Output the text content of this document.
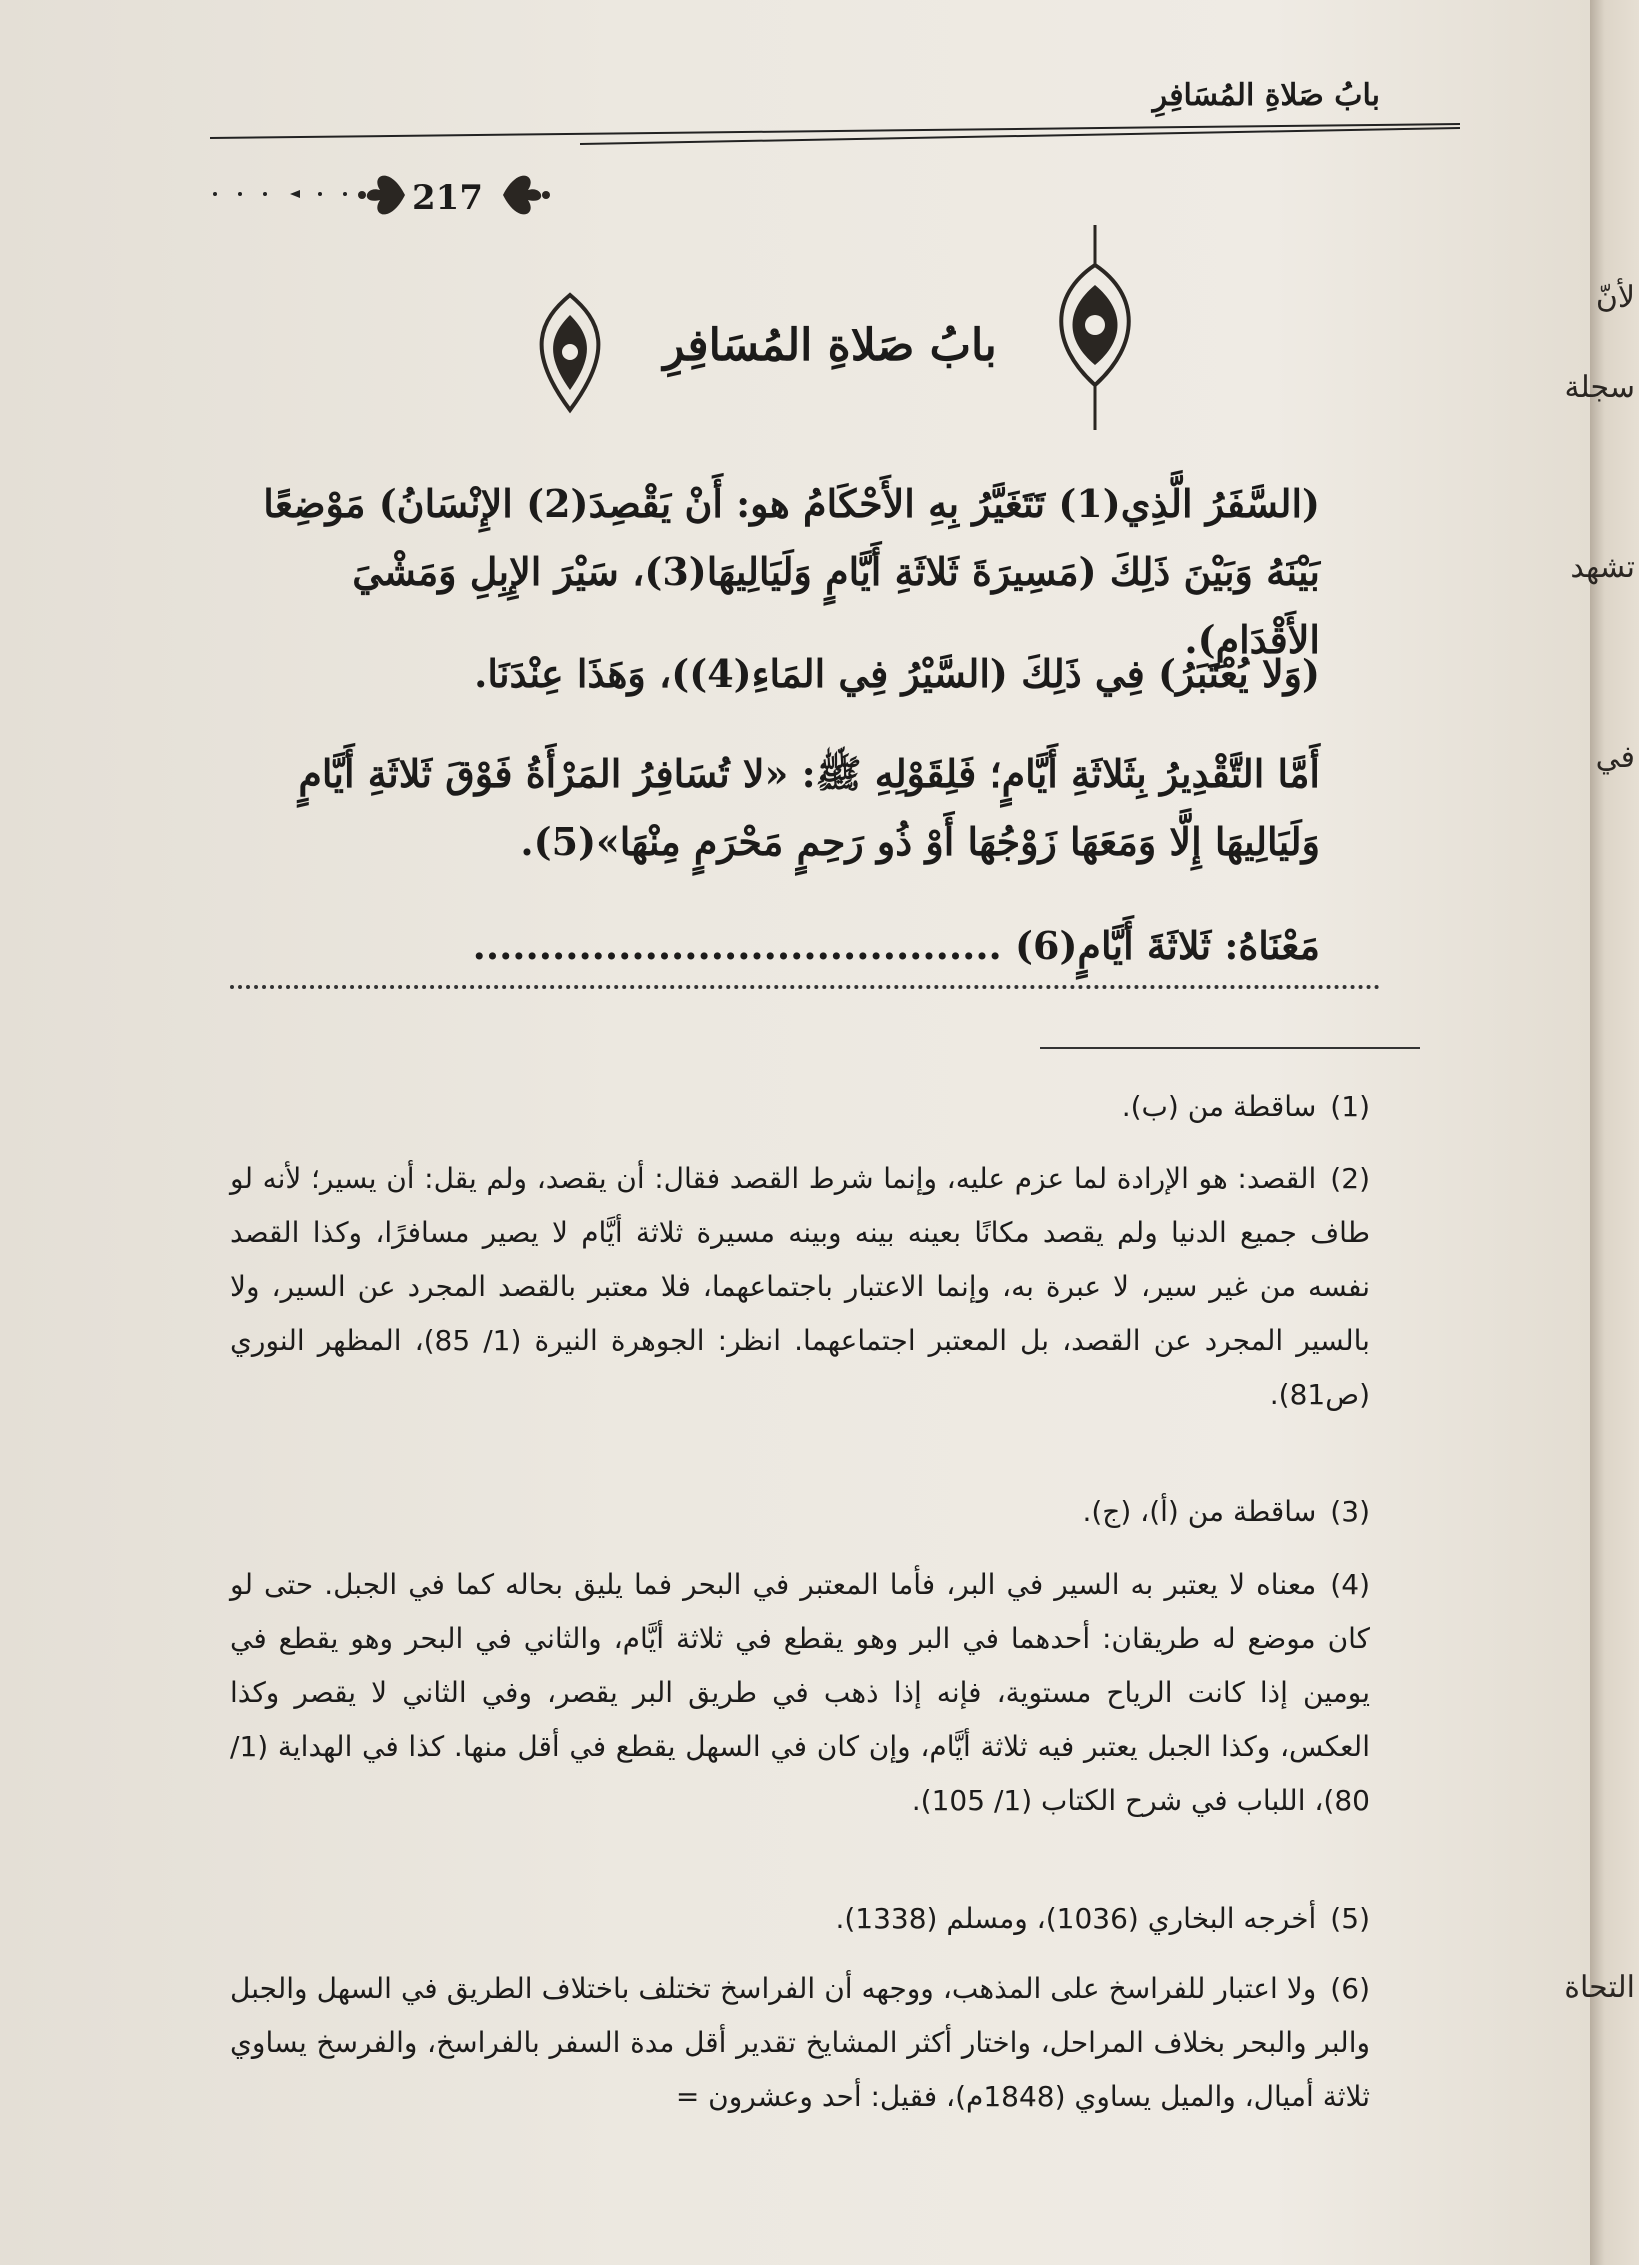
بابُ صَلاةِ المُسَافِرِ
217
بابُ صَلاةِ المُسَافِرِ
(السَّفَرُ الَّذِي(1) تَتَغَيَّرُ بِهِ الأَحْكَامُ هو: أَنْ يَقْصِدَ(2) الإِنْسَانُ) مَوْضِعًا بَيْنَهُ وَبَيْنَ ذَلِكَ (مَسِيرَةَ ثَلاثَةِ أَيَّامٍ وَلَيَالِيهَا(3)، سَيْرَ الإِبِلِ وَمَشْيَ الأَقْدَامِ).
(وَلا يُعْتَبَرُ) فِي ذَلِكَ (السَّيْرُ فِي المَاءِ(4))، وَهَذَا عِنْدَنَا.
أَمَّا التَّقْدِيرُ بِثَلاثَةِ أَيَّامٍ؛ فَلِقَوْلِهِ ﷺ: «لا تُسَافِرُ المَرْأَةُ فَوْقَ ثَلاثَةِ أَيَّامٍ وَلَيَالِيهَا إِلَّا وَمَعَهَا زَوْجُهَا أَوْ ذُو رَحِمٍ مَحْرَمٍ مِنْهَا»(5).
مَعْنَاهُ: ثَلاثَةَ أَيَّامٍ(6) ........................................
(1)ساقطة من (ب).
(2)القصد: هو الإرادة لما عزم عليه، وإنما شرط القصد فقال: أن يقصد، ولم يقل: أن يسير؛ لأنه لو طاف جميع الدنيا ولم يقصد مكانًا بعينه بينه وبينه مسيرة ثلاثة أيَّام لا يصير مسافرًا، وكذا القصد نفسه من غير سير، لا عبرة به، وإنما الاعتبار باجتماعهما، فلا معتبر بالقصد المجرد عن السير، ولا بالسير المجرد عن القصد، بل المعتبر اجتماعهما. انظر: الجوهرة النيرة (1/ 85)، المظهر النوري (ص81).
(3)ساقطة من (أ)، (ج).
(4)معناه لا يعتبر به السير في البر، فأما المعتبر في البحر فما يليق بحاله كما في الجبل. حتى لو كان موضع له طريقان: أحدهما في البر وهو يقطع في ثلاثة أيَّام، والثاني في البحر وهو يقطع في يومين إذا كانت الرياح مستوية، فإنه إذا ذهب في طريق البر يقصر، وفي الثاني لا يقصر وكذا العكس، وكذا الجبل يعتبر فيه ثلاثة أيَّام، وإن كان في السهل يقطع في أقل منها. كذا في الهداية (1/ 80)، اللباب في شرح الكتاب (1/ 105).
(5)أخرجه البخاري (1036)، ومسلم (1338).
(6)ولا اعتبار للفراسخ على المذهب، ووجهه أن الفراسخ تختلف باختلاف الطريق في السهل والجبل والبر والبحر بخلاف المراحل، واختار أكثر المشايخ تقدير أقل مدة السفر بالفراسخ، والفرسخ يساوي ثلاثة أميال، والميل يساوي (1848م)، فقيل: أحد وعشرون =
لأنّ
سجلة
تشهد
في
التحاة
